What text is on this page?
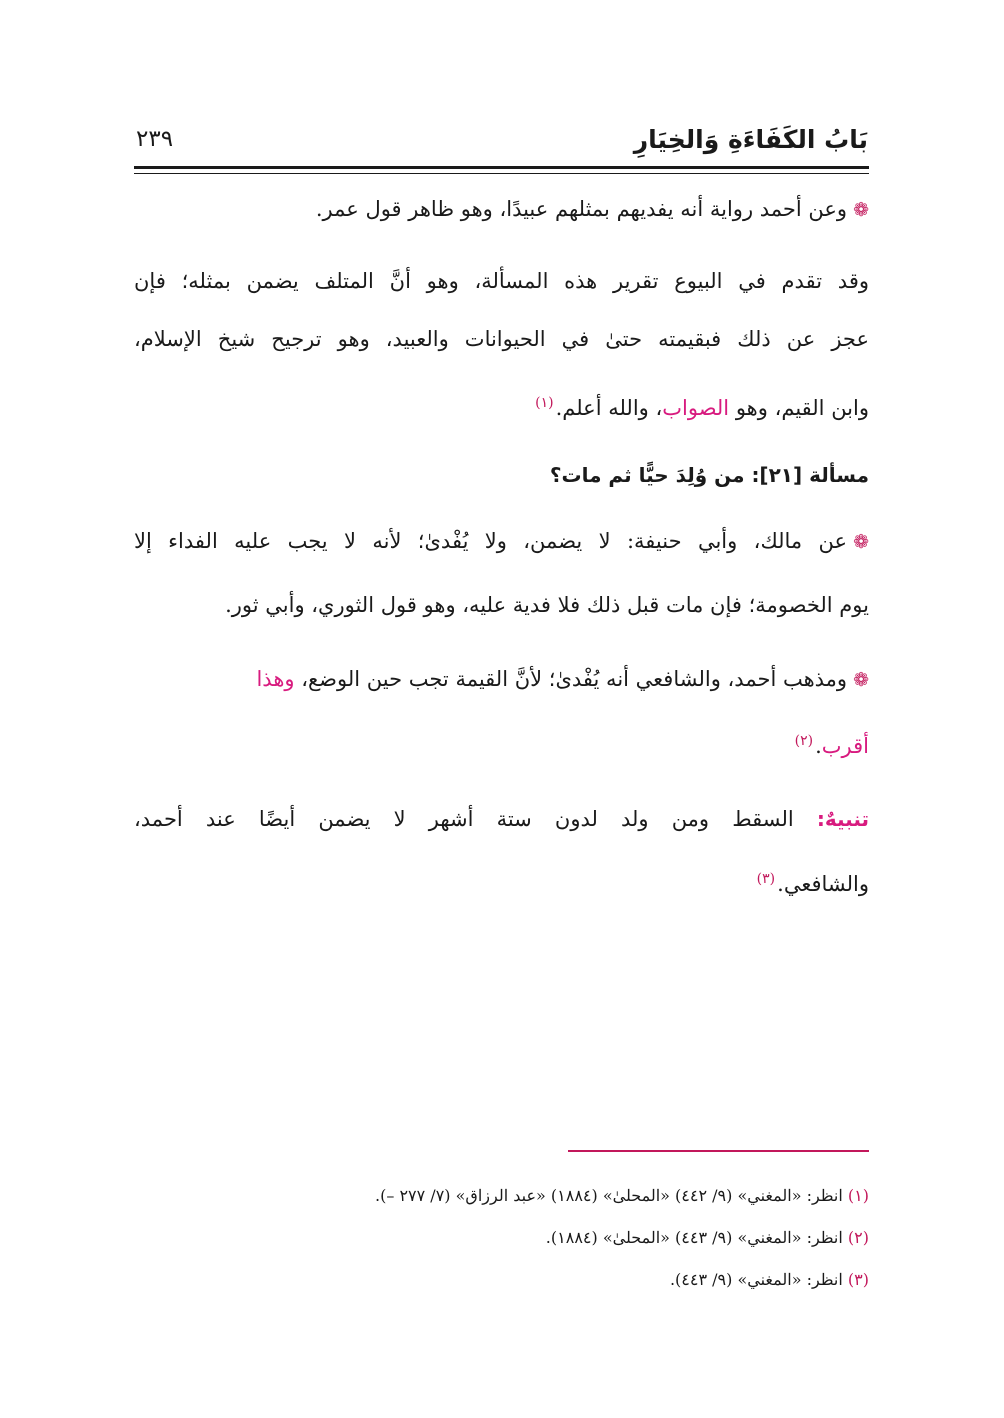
بَابُ الكَفَاءَةِ وَالخِيَارِ
٢٣٩
❁وعن أحمد رواية أنه يفديهم بمثلهم عبيدًا، وهو ظاهر قول عمر.
وقد تقدم في البيوع تقرير هذه المسألة، وهو أنَّ المتلف يضمن بمثله؛ فإن
عجز عن ذلك فبقيمته حتىٰ في الحيوانات والعبيد، وهو ترجيح شيخ الإسلام،
وابن القيم، وهو الصواب، والله أعلم.$^{(١)}$
مسألة [٢١]: من وُلِدَ حيًّا ثم مات؟
❁عن مالك، وأبي حنيفة: لا يضمن، ولا يُفْدىٰ؛ لأنه لا يجب عليه الفداء إلا
يوم الخصومة؛ فإن مات قبل ذلك فلا فدية عليه، وهو قول الثوري، وأبي ثور.
❁ومذهب أحمد، والشافعي أنه يُفْدىٰ؛ لأنَّ القيمة تجب حين الوضع، وهذا
أقرب.$^{(٢)}$
تنبيهٌ: السقط ومن ولد لدون ستة أشهر لا يضمن أيضًا عند أحمد،
والشافعي.$^{(٣)}$
(١) انظر: «المغني» (٩/ ٤٤٢) «المحلىٰ» (١٨٨٤) «عبد الرزاق» (٧/ ٢٧٧ –).
(٢) انظر: «المغني» (٩/ ٤٤٣) «المحلىٰ» (١٨٨٤).
(٣) انظر: «المغني» (٩/ ٤٤٣).
